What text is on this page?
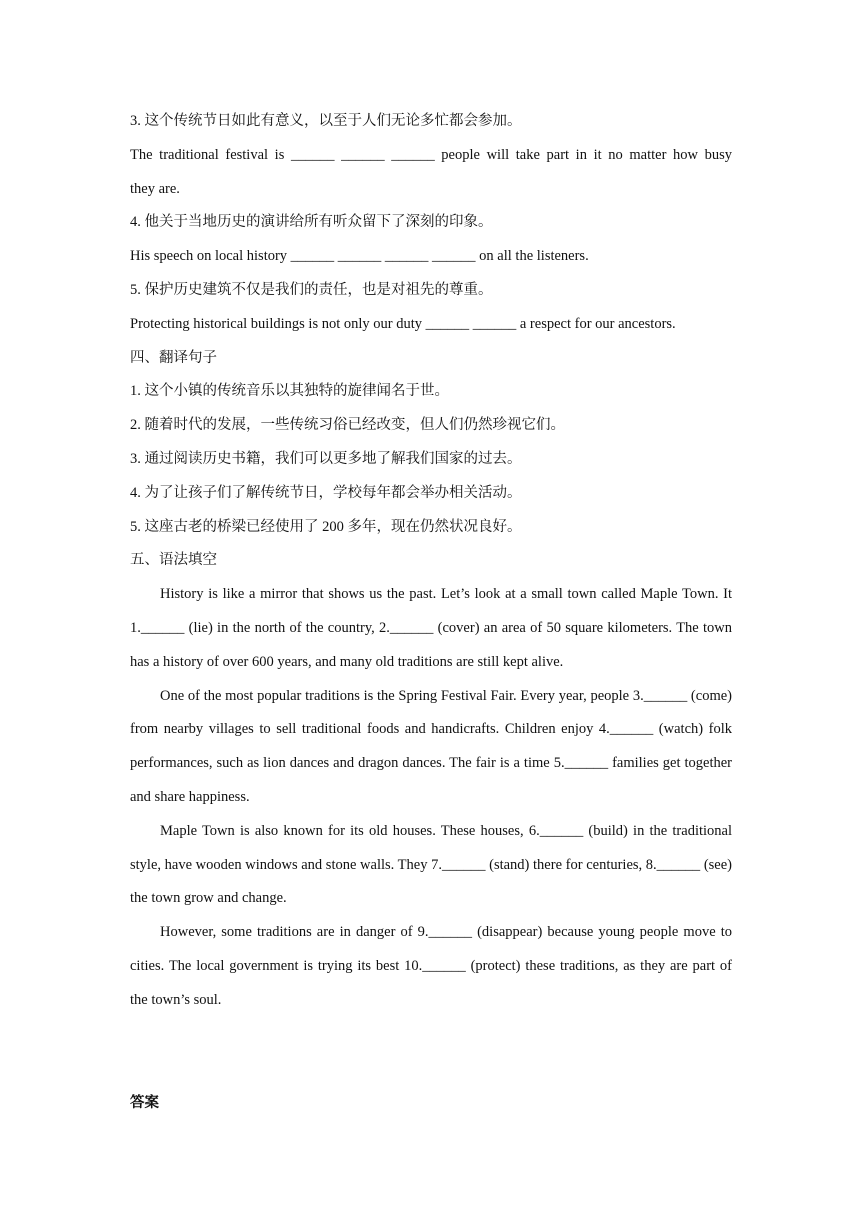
3. 这个传统节日如此有意义，以至于人们无论多忙都会参加。
The traditional festival is ______ ______ ______ people will take part in it no matter how busy
they are.
4. 他关于当地历史的演讲给所有听众留下了深刻的印象。
His speech on local history ______ ______ ______ ______ on all the listeners.
5. 保护历史建筑不仅是我们的责任，也是对祖先的尊重。
Protecting historical buildings is not only our duty ______ ______ a respect for our ancestors.
四、翻译句子
1. 这个小镇的传统音乐以其独特的旋律闻名于世。
2. 随着时代的发展，一些传统习俗已经改变，但人们仍然珍视它们。
3. 通过阅读历史书籍，我们可以更多地了解我们国家的过去。
4. 为了让孩子们了解传统节日，学校每年都会举办相关活动。
5. 这座古老的桥梁已经使用了 200 多年，现在仍然状况良好。
五、语法填空
History is like a mirror that shows us the past. Let’s look at a small town called Maple Town. It 1.______ (lie) in the north of the country, 2.______ (cover) an area of 50 square kilometers. The town has a history of over 600 years, and many old traditions are still kept alive.
One of the most popular traditions is the Spring Festival Fair. Every year, people 3.______ (come) from nearby villages to sell traditional foods and handicrafts. Children enjoy 4.______ (watch) folk performances, such as lion dances and dragon dances. The fair is a time 5.______ families get together and share happiness.
Maple Town is also known for its old houses. These houses, 6.______ (build) in the traditional style, have wooden windows and stone walls. They 7.______ (stand) there for centuries, 8.______ (see) the town grow and change.
However, some traditions are in danger of 9.______ (disappear) because young people move to cities. The local government is trying its best 10.______ (protect) these traditions, as they are part of the town’s soul.
答案
